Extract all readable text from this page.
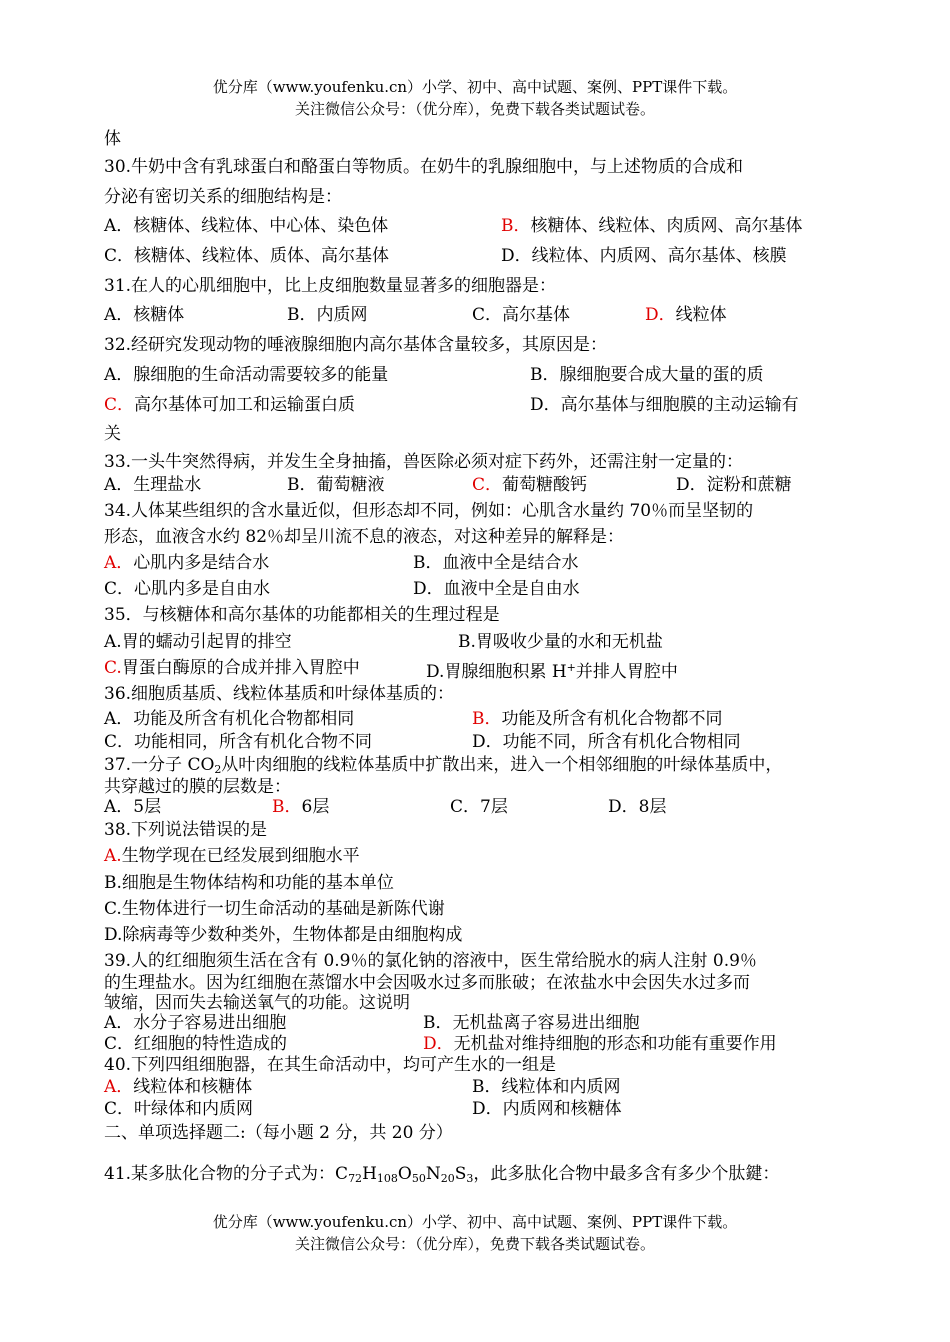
优分库（www.youfenku.cn）小学、初中、高中试题、案例、PPT课件下载。
关注微信公众号：（优分库），免费下载各类试题试卷。
体
30.牛奶中含有乳球蛋白和酪蛋白等物质。在奶牛的乳腺细胞中，与上述物质的合成和
分泌有密切关系的细胞结构是：
A．核糖体、线粒体、中心体、染色体	B．核糖体、线粒体、肉质网、高尔基体
C．核糖体、线粒体、质体、高尔基体	D．线粒体、内质网、高尔基体、核膜
31.在人的心肌细胞中，比上皮细胞数量显著多的细胞器是：
A．核糖体	B．内质网	C．高尔基体	D．线粒体
32.经研究发现动物的唾液腺细胞内高尔基体含量较多，其原因是：
A．腺细胞的生命活动需要较多的能量	B．腺细胞要合成大量的蛋的质
C．高尔基体可加工和运输蛋白质	D．高尔基体与细胞膜的主动运输有
关
33.一头牛突然得病，并发生全身抽搐，兽医除必须对症下药外，还需注射一定量的：
A．生理盐水	B．葡萄糖液	C．葡萄糖酸钙	D．淀粉和蔗糖
34.人体某些组织的含水量近似，但形态却不同，例如：心肌含水量约 70％而呈坚韧的
形态，血液含水约 82％却呈川流不息的液态，对这种差异的解释是：
A．心肌内多是结合水	B．血液中全是结合水
C．心肌内多是自由水	D．血液中全是自由水
35．与核糖体和高尔基体的功能都相关的生理过程是
A.胃的蠕动引起胃的排空	B.胃吸收少量的水和无机盐
C.胃蛋白酶原的合成并排入胃腔中	D.胃腺细胞积累 H+并排人胃腔中
36.细胞质基质、线粒体基质和叶绿体基质的：
A．功能及所含有机化合物都相同	B．功能及所含有机化合物都不同
C．功能相同，所含有机化合物不同	D．功能不同，所含有机化合物相同
37.一分子 $CO_2$从叶肉细胞的线粒体基质中扩散出来，进入一个相邻细胞的叶绿体基质中，
共穿越过的膜的层数是：
A．5层	B．6层	C．7层	D．8层
38.下列说法错误的是
A.生物学现在已经发展到细胞水平
B.细胞是生物体结构和功能的基本单位
C.生物体进行一切生命活动的基础是新陈代谢
D.除病毒等少数种类外，生物体都是由细胞构成
39.人的红细胞须生活在含有 0.9％的氯化钠的溶液中，医生常给脱水的病人注射 0.9％
的生理盐水。因为红细胞在蒸馏水中会因吸水过多而胀破；在浓盐水中会因失水过多而
皱缩，因而失去输送氧气的功能。这说明
A．水分子容易进出细胞	B．无机盐离子容易进出细胞
C．红细胞的特性造成的	D．无机盐对维持细胞的形态和功能有重要作用
40.下列四组细胞器，在其生命活动中，均可产生水的一组是
A．线粒体和核糖体	B．线粒体和内质网
C．叶绿体和内质网	D．内质网和核糖体
二、单项选择题二:（每小题 2 分，共 20 分）
41.某多肽化合物的分子式为：$C_{72}H_{108}O_{50}N_{20}S_3$，此多肽化合物中最多含有多少个肽鍵：
优分库（www.youfenku.cn）小学、初中、高中试题、案例、PPT课件下载。
关注微信公众号：（优分库），免费下载各类试题试卷。
